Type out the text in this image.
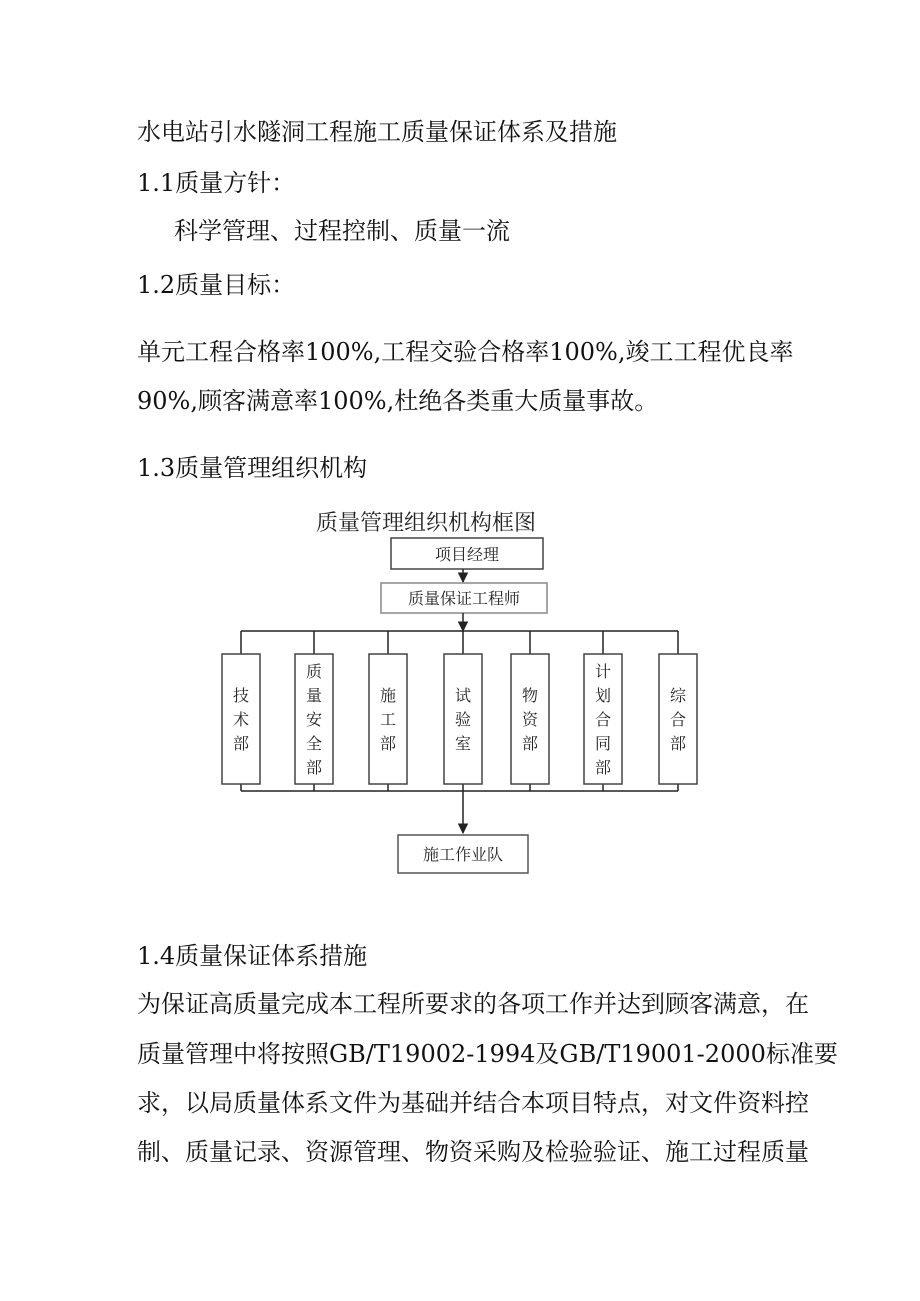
水电站引水隧洞工程施工质量保证体系及措施

1.1质量方针：

科学管理、过程控制、质量一流

1.2质量目标：

单元工程合格率100%,工程交验合格率100%,竣工工程优良率

90%,顾客满意率100%,杜绝各类重大质量事故。

1.3质量管理组织机构

质量管理组织机构框图
项目经理
质量保证工程师
技术部
质量安全部
施工部
试验室
物资部
计划合同部
综合部
施工作业队

1.4质量保证体系措施

为保证高质量完成本工程所要求的各项工作并达到顾客满意，在

质量管理中将按照GB/T19002-1994及GB/T19001-2000标准要

求，以局质量体系文件为基础并结合本项目特点，对文件资料控

制、质量记录、资源管理、物资采购及检验验证、施工过程质量
